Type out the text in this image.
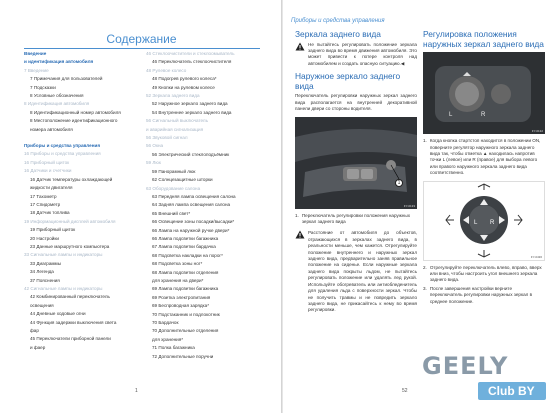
Содержание
Введение
и идентификация автомобиля
7 Введение
7 Примечания для пользователей
7 Подсказки
8 Условные обозначения
8 Идентификация автомобиля
8 Идентификационный номер автомобиля
8 Местоположение идентификационного
номера автомобиля
Приборы и средства управления
16 Приборы и средства управления
16 Приборный щиток
16 Датчики и счетчики
16 Датчик температуры охлаждающей
жидкости двигателя
17 Тахометр
17 Спидометр
18 Датчик топлива
19 Информационный дисплей автомобиля
19 Приборный щиток
20 Настройки
23 Данные маршрутного компьютера
33 Сигнальные лампы и индикаторы
33 Диаграммы
34 Легенда
37 Пояснения
42 Сигнальные лампы и индикаторы
42 Комбинированный переключатель
освещения
44 Дневные ходовые огни
44 Функция задержки выключения света
фар
45 Переключатели приборной панели
и фаер
46 Стеклоочистители и стеклоомыватель
46 Переключатель стеклоочистителя
48 Рулевое колесо
48 Подогрев рулевого колеса*
49 Кнопки на рулевом колесе
52 Зеркала заднего вида
52 Наружное зеркало заднего вида
54 Внутреннее зеркало заднего вида
56 Сигнальный выключатель
и аварийная сигнализация
56 Звуковой сигнал
56 Окна
56 Электрический стеклоподъёмник
59 Люк
59 Панорамный люк
62 Солнцезащитные шторки
63 Оборудование салона
63 Передняя лампа освещения салона
64 Задняя лампа освещения салона
65 Внешний свет*
66 Освещение зоны посадки/высадки*
66 Лампа на наружной ручке двери*
66 Лампа подсветки багажника
67 Лампа подсветки бардачка
68 Подсветка накладки на порог*
68 Подсветка зоны ног*
68 Лампа подсветки отделения
для хранения на двери*
69 Лампа подсветки багажника
69 Розетка электропитания
69 Беспроводная зарядка*
70 Подстаканник и подлокотник
70 Бардачок
70 Дополнительные отделения
для хранения*
71 Полка багажника
72 Дополнительные поручни
1
Приборы и средства управления
Зеркала заднего вида
Не пытайтесь регулировать положение зеркала заднего вида во время движения автомобиля. Это может привести к потере контроля над автомобилем и создать опасную ситуацию.◀
Наружное зеркало заднего вида
Переключатель регулировки наружных зеркал заднего вида располагается на внутренней декоративной панели двери со стороны водителя.
1
FY-0133
1. Переключатель регулировки положения наружных зеркал заднего вида
Расстояние от автомобиля до объектов, отражающихся в зеркалах заднего вида, в реальности меньше, чем кажется. Отрегулируйте положение внутреннего и наружных зеркал заднего вида, предварительно заняв правильное положение на сиденье. Если наружные зеркала заднего вида покрыты льдом, не пытайтесь регулировать положение или удалять лед рукой. Используйте обогреватель или антиобледенитель для удаления льда с поверхности зеркал. Чтобы не получить травмы и не повредить зеркало заднего вида, не прикасайтесь к нему во время регулировки.
Регулировка положения наружных зеркал заднего вида
L	R
FY-0132
1. Когда кнопка стартстоп находится в положении ON, поверните регулятор наружного зеркала заднего вида так, чтобы отметка ▲ находилась напротив точки L (левое) или R (правое) для выбора левого или правого наружного зеркала заднего вида соответственно.
L R
FY-0436
2. Отрегулируйте переключатель влево, вправо, вверх или вниз, чтобы настроить угол внешнего зеркала заднего вида.
3. После завершения настройки верните переключатель регулировки наружных зеркал в среднее положение.
52
GEELY
Club BY
